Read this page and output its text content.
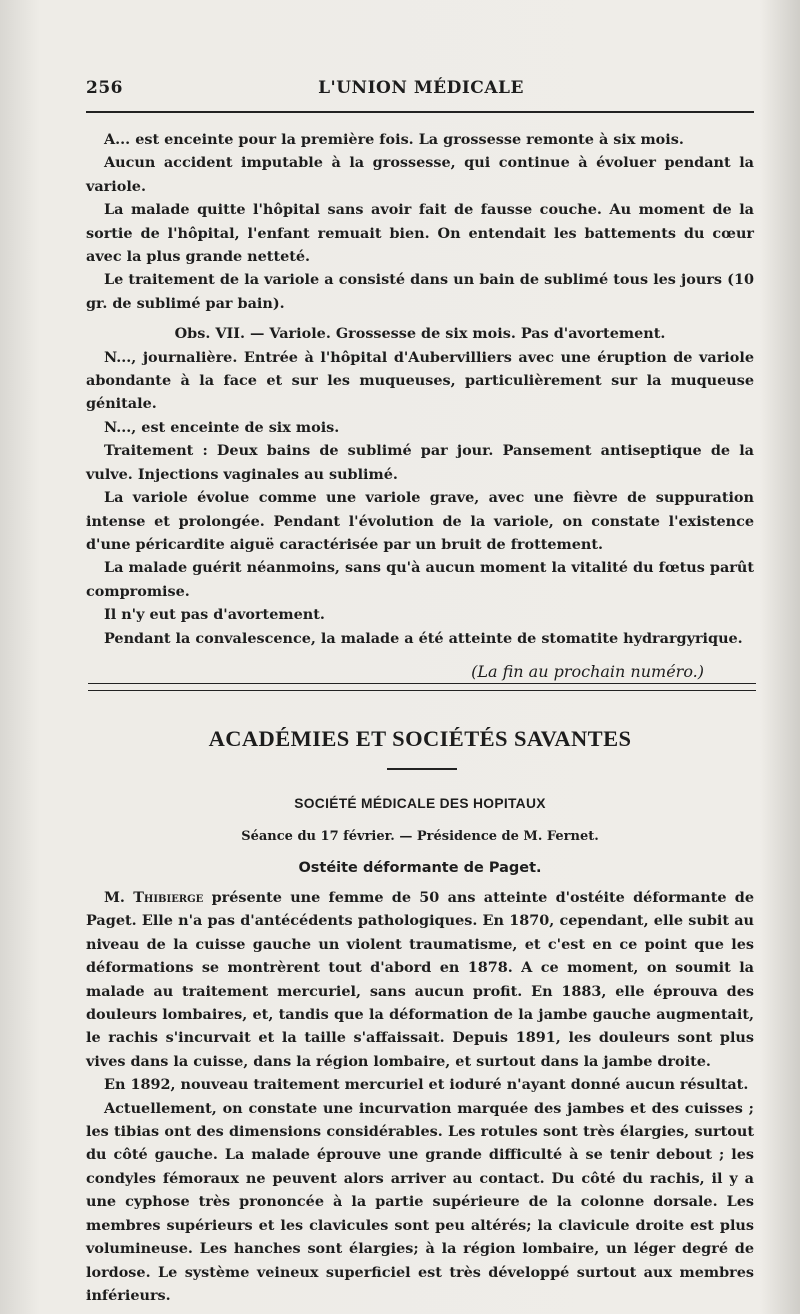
256	L'UNION MÉDICALE

A... est enceinte pour la première fois. La grossesse remonte à six mois.

Aucun accident imputable à la grossesse, qui continue à évoluer pendant la variole.

La malade quitte l'hôpital sans avoir fait de fausse couche. Au moment de la sortie de l'hôpital, l'enfant remuait bien. On entendait les battements du cœur avec la plus grande netteté.

Le traitement de la variole a consisté dans un bain de sublimé tous les jours (10 gr. de sublimé par bain).

Obs. VII. — Variole. Grossesse de six mois. Pas d'avortement.

N..., journalière. Entrée à l'hôpital d'Aubervilliers avec une éruption de variole abondante à la face et sur les muqueuses, particulièrement sur la muqueuse génitale.

N..., est enceinte de six mois.

Traitement : Deux bains de sublimé par jour. Pansement antiseptique de la vulve. Injections vaginales au sublimé.

La variole évolue comme une variole grave, avec une fièvre de suppuration intense et prolongée. Pendant l'évolution de la variole, on constate l'existence d'une péricardite aiguë caractérisée par un bruit de frottement.

La malade guérit néanmoins, sans qu'à aucun moment la vitalité du fœtus parût compromise.

Il n'y eut pas d'avortement.

Pendant la convalescence, la malade a été atteinte de stomatite hydrargyrique.

(La fin au prochain numéro.)

ACADÉMIES ET SOCIÉTÉS SAVANTES
SOCIÉTÉ MÉDICALE DES HOPITAUX
Séance du 17 février. — Présidence de M. Fernet.
Ostéite déformante de Paget.

M. Thibierge présente une femme de 50 ans atteinte d'ostéite déformante de Paget. Elle n'a pas d'antécédents pathologiques. En 1870, cependant, elle subit au niveau de la cuisse gauche un violent traumatisme, et c'est en ce point que les déformations se montrèrent tout d'abord en 1878. A ce moment, on soumit la malade au traitement mercuriel, sans aucun profit. En 1883, elle éprouva des douleurs lombaires, et, tandis que la déformation de la jambe gauche augmentait, le rachis s'incurvait et la taille s'affaissait. Depuis 1891, les douleurs sont plus vives dans la cuisse, dans la région lombaire, et surtout dans la jambe droite.

En 1892, nouveau traitement mercuriel et ioduré n'ayant donné aucun résultat.

Actuellement, on constate une incurvation marquée des jambes et des cuisses ; les tibias ont des dimensions considérables. Les rotules sont très élargies, surtout du côté gauche. La malade éprouve une grande difficulté à se tenir debout ; les condyles fémoraux ne peuvent alors arriver au contact. Du côté du rachis, il y a une cyphose très prononcée à la partie supérieure de la colonne dorsale. Les membres supérieurs et les clavicules sont peu altérés; la clavicule droite est plus volumineuse. Les hanches sont élargies; à la région lombaire, un léger degré de lordose. Le système veineux superficiel est très développé surtout aux membres inférieurs.
